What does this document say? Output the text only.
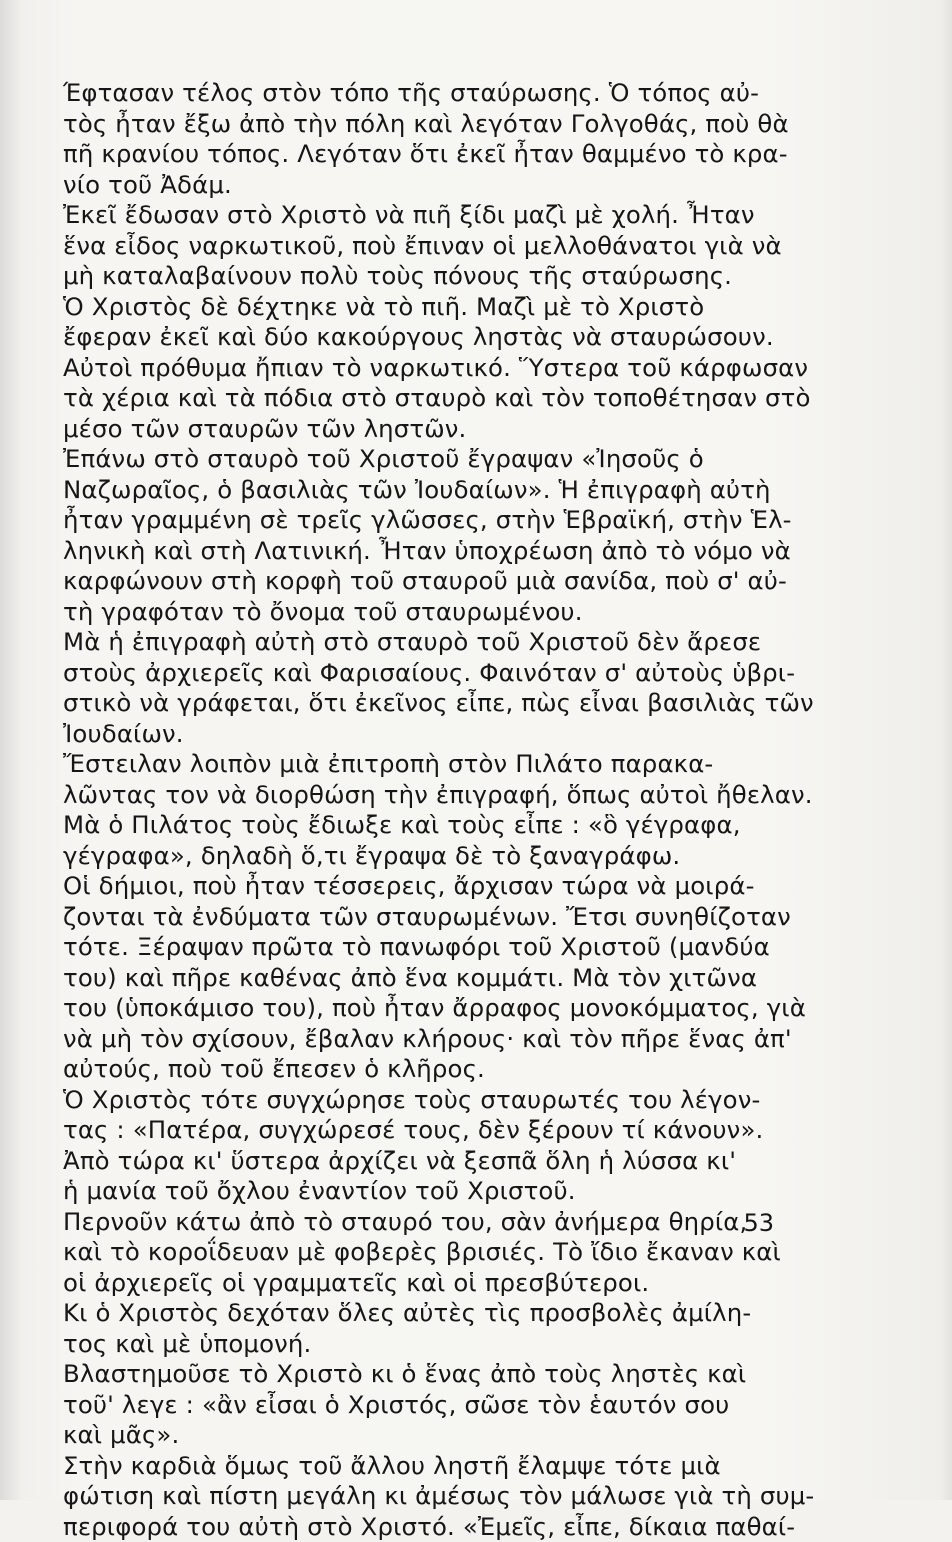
Έφτασαν τέλος στὸν τόπο τῆς σταύρωσης. Ὁ τόπος αὐ-
τὸς ἦταν ἔξω ἀπὸ τὴν πόλη καὶ λεγόταν Γολγοθάς, ποὺ θὰ
πῆ κρανίου τόπος. Λεγόταν ὅτι ἐκεῖ ἦταν θαμμένο τὸ κρα-
νίο τοῦ Ἀδάμ.
Ἐκεῖ ἔδωσαν στὸ Χριστὸ νὰ πιῆ ξίδι μαζὶ μὲ χολή. Ἦταν
ἕνα εἶδος ναρκωτικοῦ, ποὺ ἔπιναν οἱ μελλοθάνατοι γιὰ νὰ
μὴ καταλαβαίνουν πολὺ τοὺς πόνους τῆς σταύρωσης.
Ὁ Χριστὸς δὲ δέχτηκε νὰ τὸ πιῆ. Μαζὶ μὲ τὸ Χριστὸ
ἔφεραν ἐκεῖ καὶ δύο κακούργους ληστὰς νὰ σταυρώσουν.
Αὐτοὶ πρόθυμα ἤπιαν τὸ ναρκωτικό. Ὕστερα τοῦ κάρφωσαν
τὰ χέρια καὶ τὰ πόδια στὸ σταυρὸ καὶ τὸν τοποθέτησαν στὸ
μέσο τῶν σταυρῶν τῶν ληστῶν.
Ἐπάνω στὸ σταυρὸ τοῦ Χριστοῦ ἔγραψαν «Ἰησοῦς ὁ
Ναζωραῖος, ὁ βασιλιὰς τῶν Ἰουδαίων». Ἡ ἐπιγραφὴ αὐτὴ
ἦταν γραμμένη σὲ τρεῖς γλῶσσες, στὴν Ἑβραϊκή, στὴν Ἑλ-
ληνικὴ καὶ στὴ Λατινική. Ἦταν ὑποχρέωση ἀπὸ τὸ νόμο νὰ
καρφώνουν στὴ κορφὴ τοῦ σταυροῦ μιὰ σανίδα, ποὺ σ' αὐ-
τὴ γραφόταν τὸ ὄνομα τοῦ σταυρωμένου.
Μὰ ἡ ἐπιγραφὴ αὐτὴ στὸ σταυρὸ τοῦ Χριστοῦ δὲν ἄρεσε
στοὺς ἀρχιερεῖς καὶ Φαρισαίους. Φαινόταν σ' αὐτοὺς ὑβρι-
στικὸ νὰ γράφεται, ὅτι ἐκεῖνος εἶπε, πὼς εἶναι βασιλιὰς τῶν
Ἰουδαίων.
Ἔστειλαν λοιπὸν μιὰ ἐπιτροπὴ στὸν Πιλάτο παρακα-
λῶντας τον νὰ διορθώση τὴν ἐπιγραφή, ὅπως αὐτοὶ ἤθελαν.
Μὰ ὁ Πιλάτος τοὺς ἔδιωξε καὶ τοὺς εἶπε : «ὃ γέγραφα,
γέγραφα», δηλαδὴ ὅ,τι ἔγραψα δὲ τὸ ξαναγράφω.
Οἱ δήμιοι, ποὺ ἦταν τέσσερεις, ἄρχισαν τώρα νὰ μοιρά-
ζονται τὰ ἐνδύματα τῶν σταυρωμένων. Ἔτσι συνηθίζοταν
τότε. Ξέραψαν πρῶτα τὸ πανωφόρι τοῦ Χριστοῦ (μανδύα
του) καὶ πῆρε καθένας ἀπὸ ἕνα κομμάτι. Μὰ τὸν χιτῶνα
του (ὑποκάμισο του), ποὺ ἦταν ἄρραφος μονοκόμματος, γιὰ
νὰ μὴ τὸν σχίσουν, ἔβαλαν κλήρους· καὶ τὸν πῆρε ἕνας ἀπ'
αὐτούς, ποὺ τοῦ ἔπεσεν ὁ κλῆρος.
Ὁ Χριστὸς τότε συγχώρησε τοὺς σταυρωτές του λέγον-
τας : «Πατέρα, συγχώρεσέ τους, δὲν ξέρουν τί κάνουν».
Ἀπὸ τώρα κι' ὕστερα ἀρχίζει νὰ ξεσπᾶ ὅλη ἡ λύσσα κι'
ἡ μανία τοῦ ὄχλου ἐναντίον τοῦ Χριστοῦ.
Περνοῦν κάτω ἀπὸ τὸ σταυρό του, σὰν ἀνήμερα θηρία,
καὶ τὸ κοροΐδευαν μὲ φοβερὲς βρισιές. Τὸ ἴδιο ἔκαναν καὶ
οἱ ἀρχιερεῖς οἱ γραμματεῖς καὶ οἱ πρεσβύτεροι.
Κι ὁ Χριστὸς δεχόταν ὅλες αὐτὲς τὶς προσβολὲς ἀμίλη-
τος καὶ μὲ ὑπομονή.
Βλαστημοῦσε τὸ Χριστὸ κι ὁ ἕνας ἀπὸ τοὺς ληστὲς καὶ
τοῦ' λεγε : «ἂν εἶσαι ὁ Χριστός, σῶσε τὸν ἑαυτόν σου
καὶ μᾶς».
Στὴν καρδιὰ ὅμως τοῦ ἄλλου ληστῆ ἔλαμψε τότε μιὰ
φώτιση καὶ πίστη μεγάλη κι ἀμέσως τὸν μάλωσε γιὰ τὴ συμ-
περιφορά του αὐτὴ στὸ Χριστό. «Ἐμεῖς, εἶπε, δίκαια παθαί-
53
